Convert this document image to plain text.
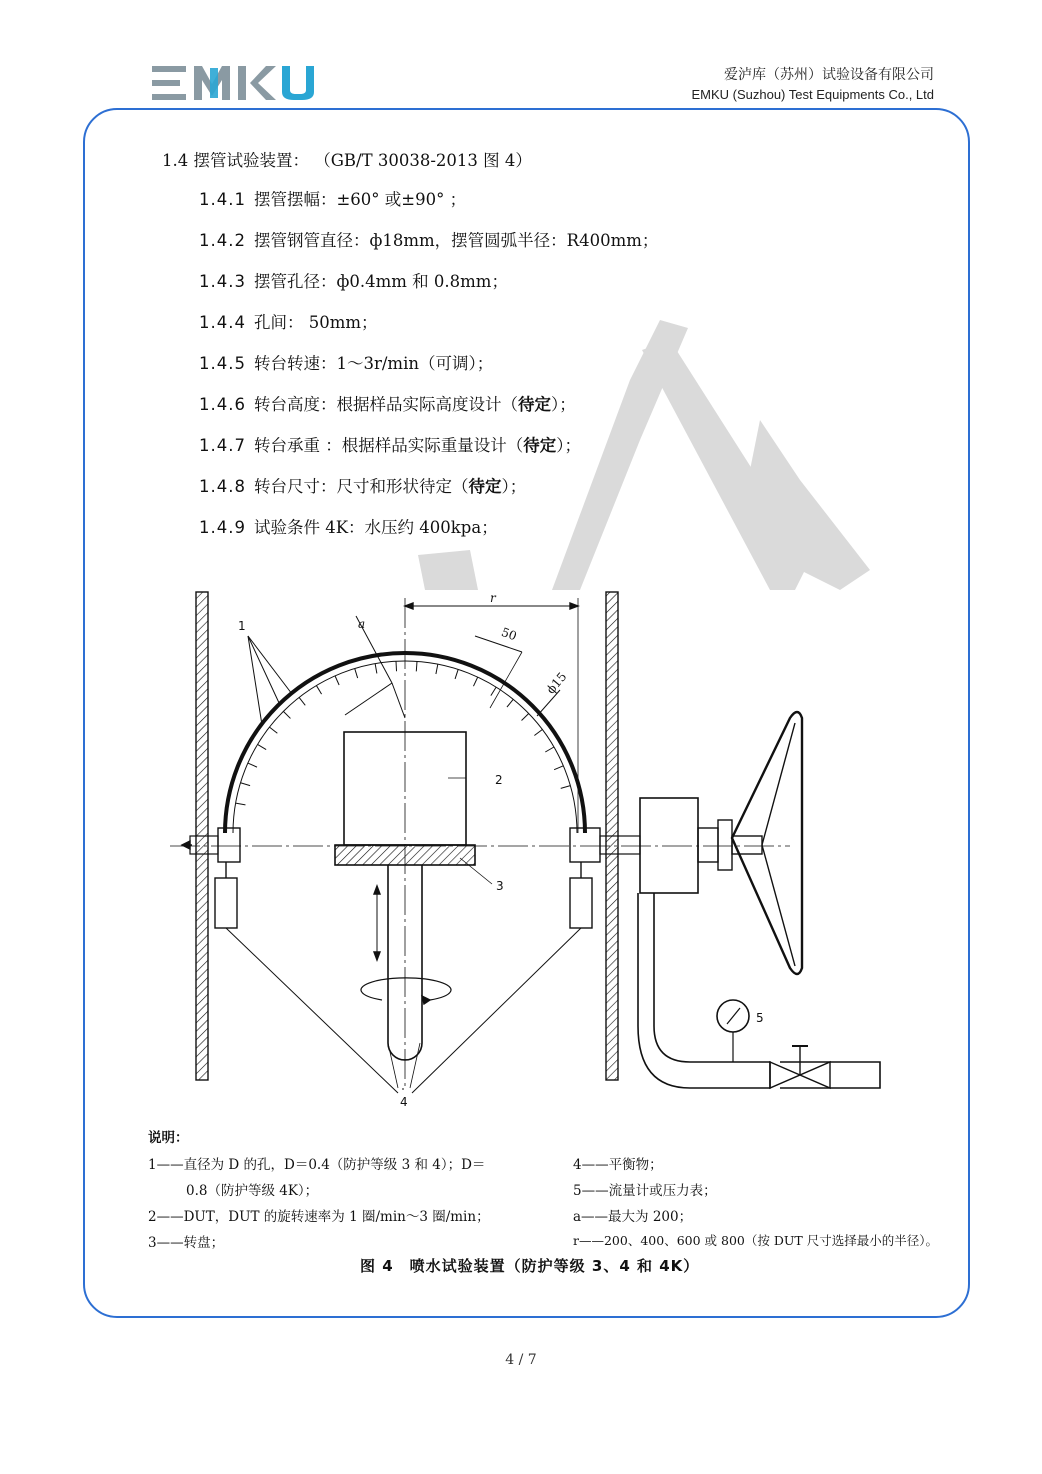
爱泸库（苏州）试验设备有限公司
EMKU (Suzhou) Test Equipments Co., Ltd
1.4 摆管试验装置： （GB/T 30038-2013 图 4）
1.4.1 摆管摆幅：±60° 或±90° ；
1.4.2 摆管钢管直径：ф18mm，摆管圆弧半径：R400mm；
1.4.3 摆管孔径：ф0.4mm 和 0.8mm；
1.4.4 孔间： 50mm；
1.4.5 转台转速：1～3r/min（可调）；
1.4.6 转台高度：根据样品实际高度设计（待定）；
1.4.7 转台承重 ：根据样品实际重量设计（待定）；
1.4.8 转台尺寸：尺寸和形状待定（待定）；
1.4.9 试验条件 4K：水压约 400kpa；
r
a
50
ϕ15
1
2
3
4
5
说明：
1——直径为 D 的孔，D＝0.4（防护等级 3 和 4）；D＝
0.8（防护等级 4K）；
2——DUT，DUT 的旋转速率为 1 圈/min～3 圈/min；
3——转盘；
4——平衡物；
5——流量计或压力表；
a——最大为 200；
r——200、400、600 或 800（按 DUT 尺寸选择最小的半径）。
图 4　喷水试验装置（防护等级 3、4 和 4K）
4 / 7
